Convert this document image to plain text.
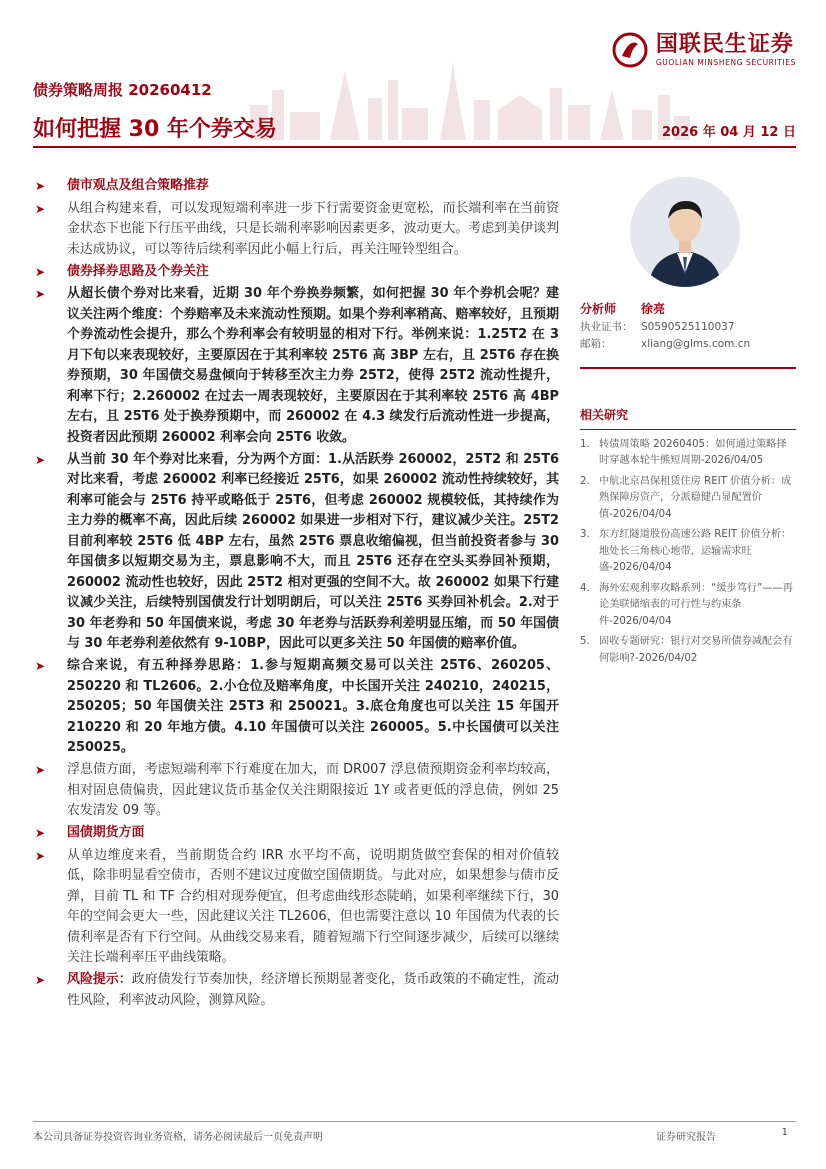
国联民生证券
GUOLIAN MINSHENG SECURITIES
债券策略周报 20260412
如何把握 30 年个券交易	2026 年 04 月 12 日
➤ 债市观点及组合策略推荐
➤ 从组合构建来看，可以发现短端利率进一步下行需要资金更宽松，而长端利率在当前资金状态下也能下行压平曲线，只是长端利率影响因素更多，波动更大。考虑到美伊谈判未达成协议，可以等待后续利率因此小幅上行后，再关注哑铃型组合。
➤ 债券择券思路及个券关注
➤ 从超长债个券对比来看，近期 30 年个券换券频繁，如何把握 30 年个券机会呢？建议关注两个维度：个券赔率及未来流动性预期。如果个券利率稍高、赔率较好，且预期个券流动性会提升，那么个券利率会有较明显的相对下行。举例来说：1.25T2 在 3 月下旬以来表现较好，主要原因在于其利率较 25T6 高 3BP 左右，且 25T6 存在换券预期，30 年国债交易盘倾向于转移至次主力券 25T2，使得 25T2 流动性提升，利率下行；2.260002 在过去一周表现较好，主要原因在于其利率较 25T6 高 4BP 左右，且 25T6 处于换券预期中，而 260002 在 4.3 续发行后流动性进一步提高，投资者因此预期 260002 利率会向 25T6 收敛。
➤ 从当前 30 年个券对比来看，分为两个方面：1.从活跃券 260002，25T2 和 25T6 对比来看，考虑 260002 利率已经接近 25T6，如果 260002 流动性持续较好，其利率可能会与 25T6 持平或略低于 25T6，但考虑 260002 规模较低，其持续作为主力券的概率不高，因此后续 260002 如果进一步相对下行，建议减少关注。25T2 目前利率较 25T6 低 4BP 左右，虽然 25T6 票息收缩偏视，但当前投资者参与 30 年国债多以短期交易为主，票息影响不大，而且 25T6 还存在空头买券回补预期，260002 流动性也较好，因此 25T2 相对更强的空间不大。故 260002 如果下行建议减少关注，后续特别国债发行计划明朗后，可以关注 25T6 买券回补机会。2.对于 30 年老券和 50 年国债来说，考虑 30 年老券与活跃券利差明显压缩，而 50 年国债与 30 年老券利差依然有 9-10BP，因此可以更多关注 50 年国债的赔率价值。
➤ 综合来说，有五种择券思路：1.参与短期高频交易可以关注 25T6、260205、250220 和 TL2606。2.小仓位及赔率角度，中长国开关注 240210，240215，250205；50 年国债关注 25T3 和 250021。3.底仓角度也可以关注 15 年国开 210220 和 20 年地方债。4.10 年国债可以关注 260005。5.中长国债可以关注 250025。
➤ 浮息债方面，考虑短端利率下行难度在加大，而 DR007 浮息债预期资金利率均较高，相对固息债偏贵，因此建议货币基金仅关注期限接近 1Y 或者更低的浮息债，例如 25 农发清发 09 等。
➤ 国债期货方面
➤ 从单边维度来看，当前期货合约 IRR 水平均不高，说明期货做空套保的相对价值较低，除非明显看空债市，否则不建议过度做空国债期货。与此对应，如果想参与债市反弹，目前 TL 和 TF 合约相对现券便宜，但考虑曲线形态陡峭，如果利率继续下行，30 年的空间会更大一些，因此建议关注 TL2606，但也需要注意以 10 年国债为代表的长债利率是否有下行空间。从曲线交易来看，随着短端下行空间逐步减少，后续可以继续关注长端利率压平曲线策略。
➤ 风险提示：政府债发行节奏加快，经济增长预期显著变化，货币政策的不确定性，流动性风险，利率波动风险，测算风险。
分析师	徐亮
执业证书： S0590525110037
邮箱：	xliang@glms.com.cn
相关研究
1. 转债周策略 20260405：如何通过策略择时穿越本轮牛熊短周期-2026/04/05
2. 中航北京昌保租赁住房 REIT 价值分析：成熟保障房资产，分派稳健凸显配置价值-2026/04/04
3. 东方红隧道股份高速公路 REIT 价值分析：地处长三角核心地带，运输需求旺盛-2026/04/04
4. 海外宏观利率攻略系列：“缓步笃行”——再论美联储缩表的可行性与约束条件-2026/04/04
5. 固收专题研究：银行对交易所债券减配会有何影响?-2026/04/02
本公司具备证券投资咨询业务资格，请务必阅读最后一页免责声明	证券研究报告	1
